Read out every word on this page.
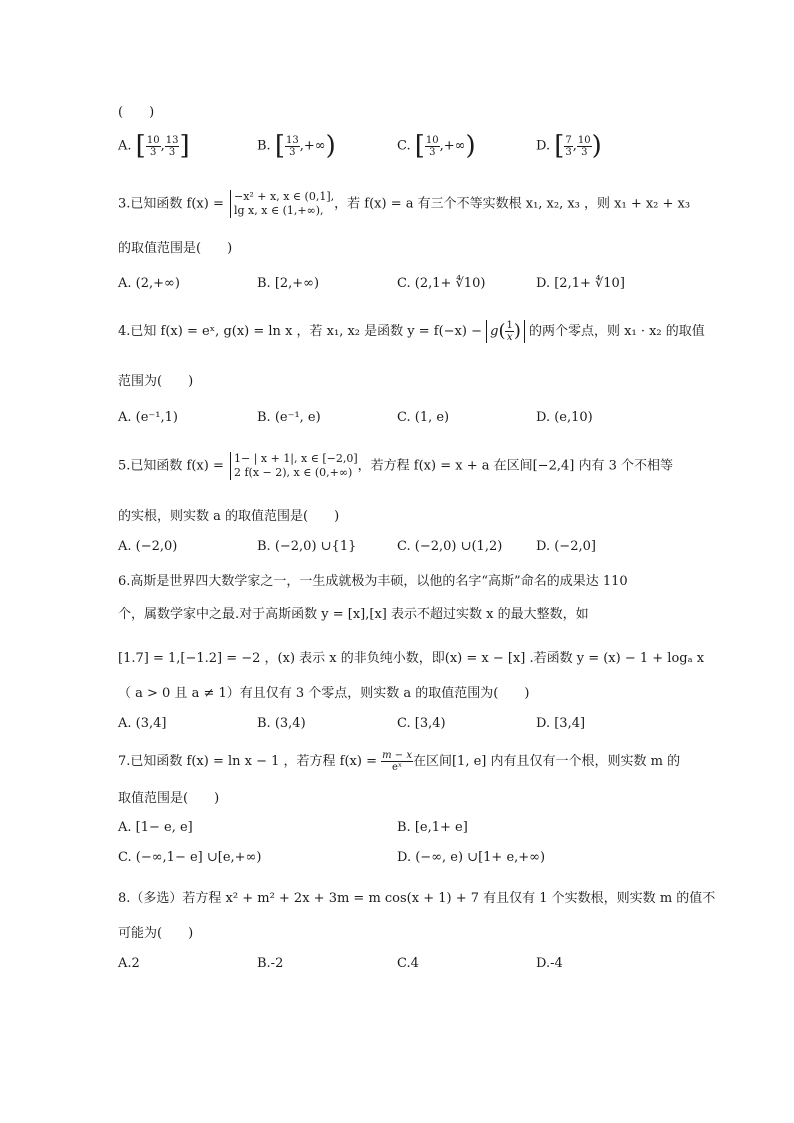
(　　)
A. [ $\frac{10}{3}$ , $\frac{13}{3}$ ]	B. [ $\frac{13}{3}$ ,+∞)	C. [ $\frac{10}{3}$ ,+∞)	D. [ $\frac{7}{3}$ , $\frac{10}{3}$ )
3.已知函数 f(x) = −x² + x, x ∈ (0,1],
lg x, x ∈ (1,+∞), ，若 f(x) = a 有三个不等实数根 x₁, x₂, x₃ ，则 x₁ + x₂ + x₃
的取值范围是(　　)
A. (2,+∞)	B. [2,+∞)	C. (2,1+ ∜10)	D. [2,1+ ∜10]
4.已知 f(x) = eˣ, g(x) = ln x ，若 x₁, x₂ 是函数 $y = f(-x) - g( \frac{1}{x}$ ) 的两个零点，则 x₁ · x₂ 的取值
范围为(　　)
A. (e⁻¹,1)	B. (e⁻¹, e)	C. (1, e)	D. (e,10)
5.已知函数 f(x) = 1− | x + 1|, x ∈ [−2,0]
2 f(x − 2), x ∈ (0,+∞) ，若方程 f(x) = x + a 在区间[−2,4] 内有 3 个不相等
的实根，则实数 a 的取值范围是(　　)
A. (−2,0)	B. (−2,0) ∪{1}	C. (−2,0) ∪(1,2)	D. (−2,0]
6.高斯是世界四大数学家之一，一生成就极为丰硕，以他的名字“高斯”命名的成果达 110
个，属数学家中之最.对于高斯函数 y = [x],[x] 表示不超过实数 x 的最大整数，如
[1.7] = 1,[−1.2] = −2 ，(x) 表示 x 的非负纯小数，即(x) = x − [x] .若函数 y = (x) − 1 + logₐ x
（ a > 0 且 a ≠ 1）有且仅有 3 个零点，则实数 a 的取值范围为(　　)
A. (3,4]	B. (3,4)	C. [3,4)	D. [3,4]
7.已知函数 f(x) = ln x − 1 ，若方程 $f(x) = \frac{m - x}{\text{eˣ}}$ 在区间[1, e] 内有且仅有一个根，则实数 m 的
取值范围是(　　)
A. [1− e, e]	B. [e,1+ e]
C. (−∞,1− e] ∪[e,+∞)	D. (−∞, e) ∪[1+ e,+∞)
8.（多选）若方程 x² + m² + 2x + 3m = m cos(x + 1) + 7 有且仅有 1 个实数根，则实数 m 的值不
可能为(　　)
A.2	B.-2	C.4	D.-4
